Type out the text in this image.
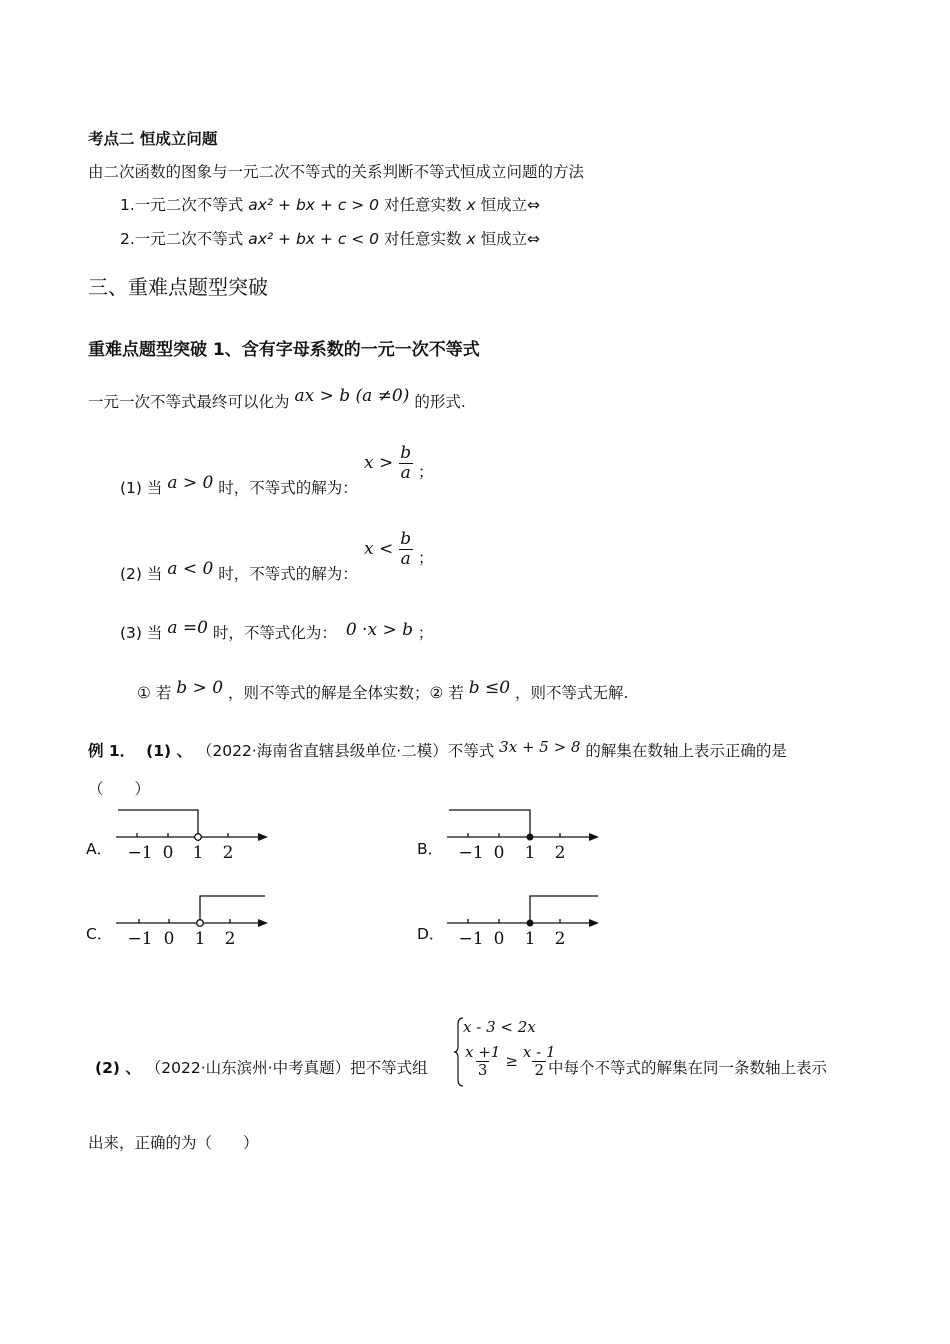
考点二 恒成立问题
由二次函数的图象与一元二次不等式的关系判断不等式恒成立问题的方法
1.一元二次不等式 ax² + bx + c > 0 对任意实数 x 恒成立⇔
2.一元二次不等式 ax² + bx + c < 0 对任意实数 x 恒成立⇔
三、重难点题型突破
重难点题型突破 1、含有字母系数的一元一次不等式
一元一次不等式最终可以化为 ax > b (a ≠0) 的形式.
(1) 当 a > 0 时，不等式的解为：
$x > \frac{b}{a}$ ；
(2) 当 a < 0 时，不等式的解为：
$x < \frac{b}{a}$ ；
(3) 当 a =0 时，不等式化为： 0 ·x > b ；
① 若 b > 0 ，则不等式的解是全体实数；② 若 b ≤0 ，则不等式无解.
例 1． (1) 、 （2022·海南省直辖县级单位·二模）不等式 3x + 5 > 8 的解集在数轴上表示正确的是
（　　）
A． −1 0 1 2	B． −1 0 1 2
C． −1 0 1 2	D． −1 0 1 2
(2) 、 （2022·山东滨州·中考真题）把不等式组
x - 3 < 2x
$\frac{x +1}{3} \ge \frac{x - 1}{2}$
中每个不等式的解集在同一条数轴上表示
出来，正确的为（　　）
